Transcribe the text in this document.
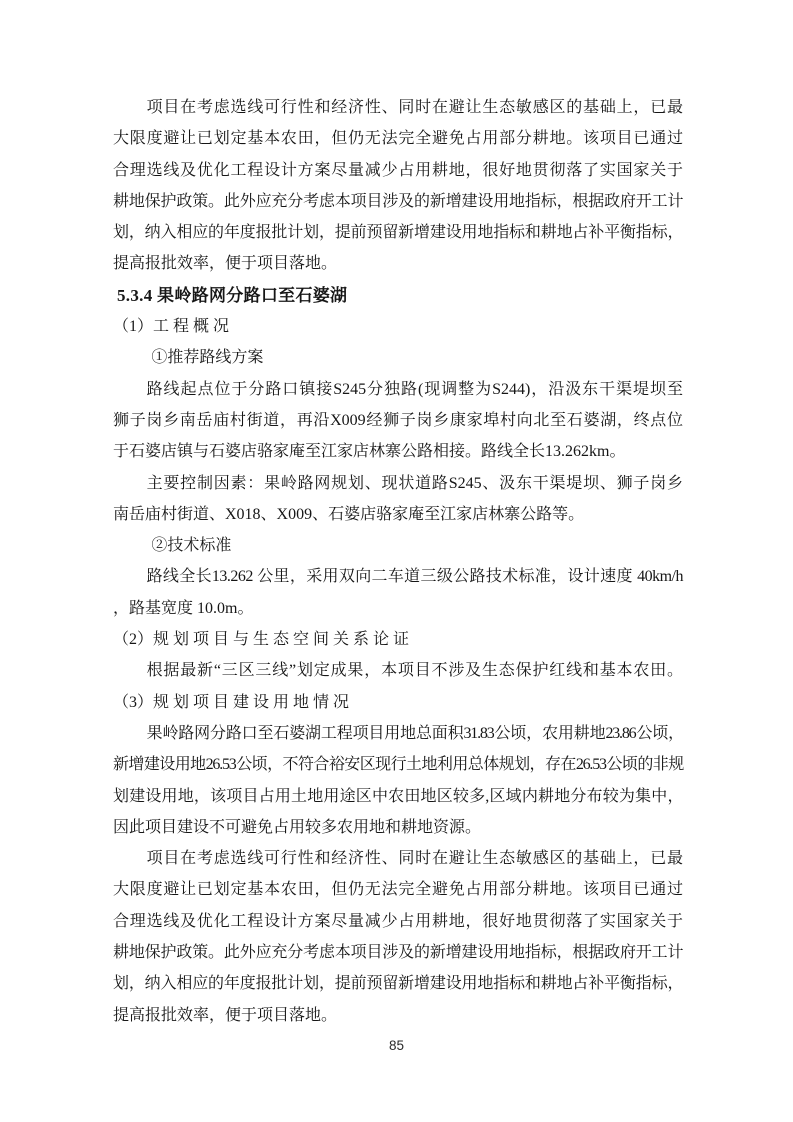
项目在考虑选线可行性和经济性、同时在避让生态敏感区的基础上，已最
大限度避让已划定基本农田，但仍无法完全避免占用部分耕地。该项目已通过
合理选线及优化工程设计方案尽量减少占用耕地，很好地贯彻落了实国家关于
耕地保护政策。此外应充分考虑本项目涉及的新增建设用地指标，根据政府开工计
划，纳入相应的年度报批计划，提前预留新增建设用地指标和耕地占补平衡指标，
提高报批效率，便于项目落地。
5.3.4 果岭路网分路口至石婆湖
（1）工 程 概 况
①推荐路线方案
路线起点位于分路口镇接S245分独路(现调整为S244)，沿汲东干渠堤坝至
狮子岗乡南岳庙村街道，再沿X009经狮子岗乡康家埠村向北至石婆湖，终点位
于石婆店镇与石婆店骆家庵至江家店林寨公路相接。路线全长13.262km。
主要控制因素：果岭路网规划、现状道路S245、汲东干渠堤坝、狮子岗乡
南岳庙村街道、X018、X009、石婆店骆家庵至江家店林寨公路等。
②技术标准
路线全长13.262 公里，采用双向二车道三级公路技术标准，设计速度 40km/h
，路基宽度 10.0m。
（2）规 划 项 目 与 生 态 空 间 关 系 论 证
根据最新“三区三线”划定成果，本项目不涉及生态保护红线和基本农田。
（3）规 划 项 目 建 设 用 地 情 况
果岭路网分路口至石婆湖工程项目用地总面积31.83公顷，农用耕地23.86公顷，
新增建设用地26.53公顷，不符合裕安区现行土地利用总体规划，存在26.53公顷的非规
划建设用地，该项目占用土地用途区中农田地区较多,区域内耕地分布较为集中，
因此项目建设不可避免占用较多农用地和耕地资源。
项目在考虑选线可行性和经济性、同时在避让生态敏感区的基础上，已最
大限度避让已划定基本农田，但仍无法完全避免占用部分耕地。该项目已通过
合理选线及优化工程设计方案尽量减少占用耕地，很好地贯彻落了实国家关于
耕地保护政策。此外应充分考虑本项目涉及的新增建设用地指标，根据政府开工计
划，纳入相应的年度报批计划，提前预留新增建设用地指标和耕地占补平衡指标，
提高报批效率，便于项目落地。
85
